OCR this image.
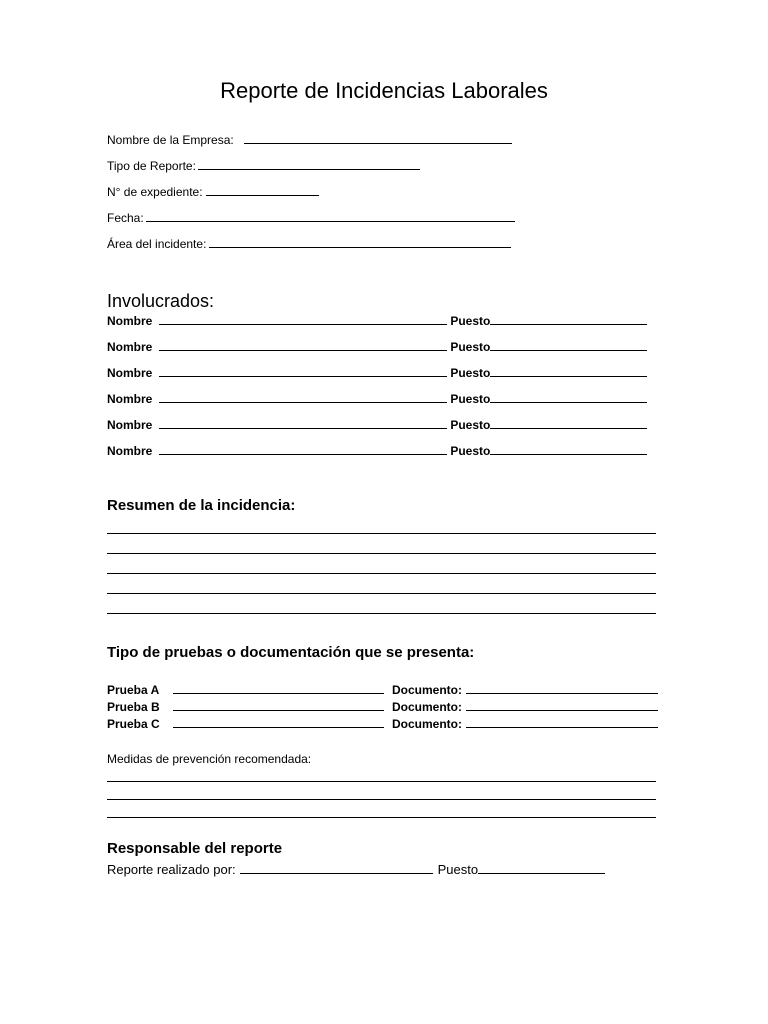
Reporte de Incidencias Laborales
Nombre de la Empresa:
Tipo de Reporte:
N° de expediente:
Fecha:
Área del incidente:
Involucrados:
Nombre	Puesto
Nombre	Puesto
Nombre	Puesto
Nombre	Puesto
Nombre	Puesto
Nombre	Puesto
Resumen de la incidencia:
Tipo de pruebas o documentación que se presenta:
Prueba A	Documento:
Prueba B	Documento:
Prueba C	Documento:
Medidas de prevención recomendada:
Responsable del reporte
Reporte realizado por:	Puesto
